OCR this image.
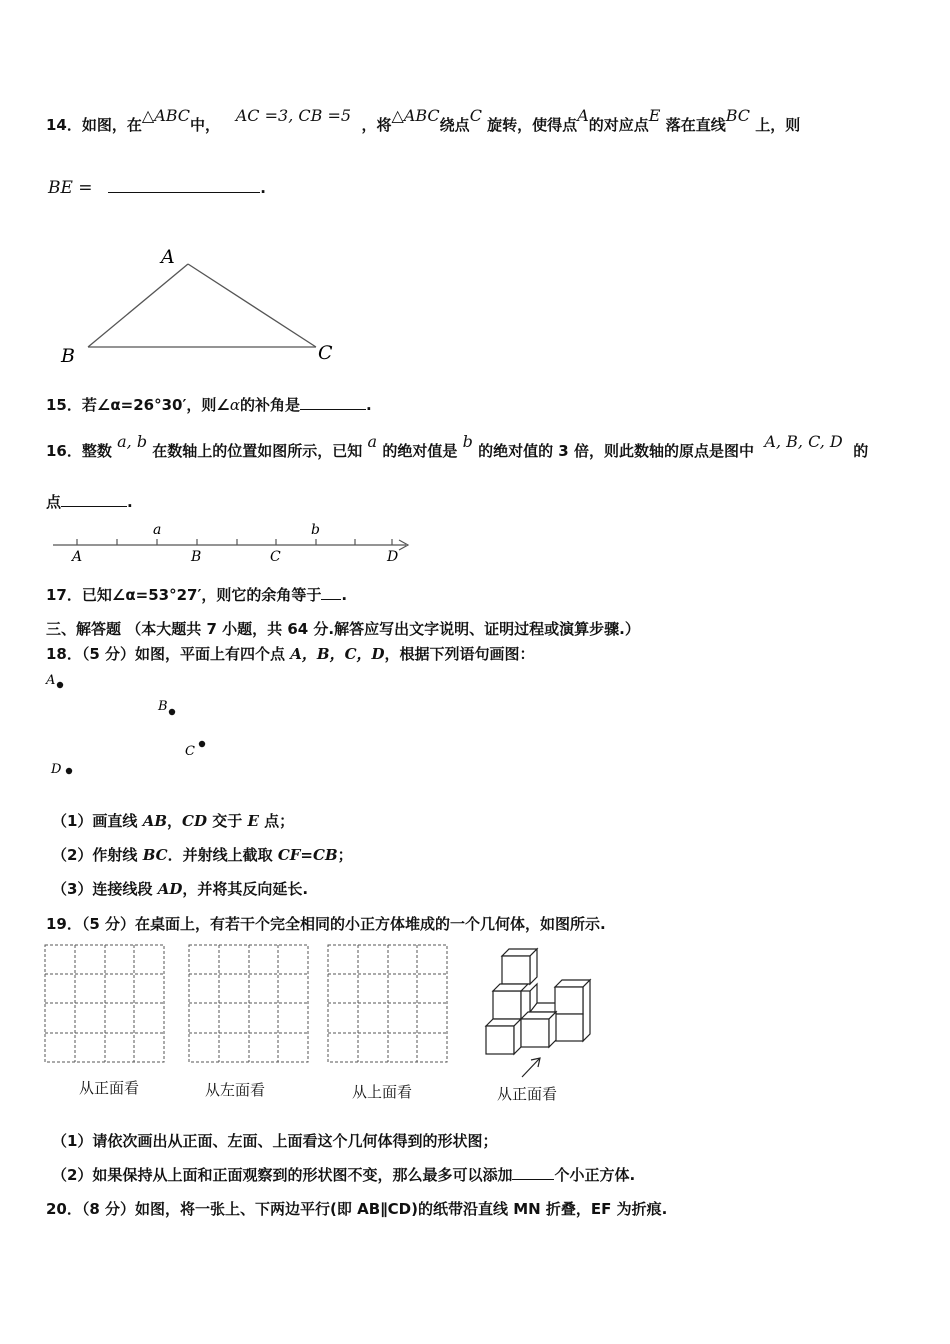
14．如图，在△ABC中， AC =3, CB =5 ，将△ABC绕点C 旋转，使得点A的对应点E 落在直线BC 上，则
BE =	.
A
B	C
15．若∠α=26°30′，则∠α的补角是	.
16．整数 a, b 在数轴上的位置如图所示，已知 a 的绝对值是 b 的绝对值的 3 倍，则此数轴的原点是图中 A, B, C, D 的
点	.
A	B	C	D
a	b
17．已知∠α=53°27′，则它的余角等于 .
三、解答题 （本大题共 7 小题，共 64 分.解答应写出文字说明、证明过程或演算步骤.）
18．（5 分）如图，平面上有四个点 A，B，C，D，根据下列语句画图：
A
B
C
D
（1）画直线 AB，CD 交于 E 点；
（2）作射线 BC．并射线上截取 CF=CB；
（3）连接线段 AD，并将其反向延长.
19．（5 分）在桌面上，有若干个完全相同的小正方体堆成的一个几何体，如图所示.
从正面看	从左面看	从上面看	从正面看
（1）请依次画出从正面、左面、上面看这个几何体得到的形状图；
（2）如果保持从上面和正面观察到的形状图不变，那么最多可以添加	个小正方体.
20．（8 分）如图，将一张上、下两边平行(即 AB∥CD)的纸带沿直线 MN 折叠，EF 为折痕.
